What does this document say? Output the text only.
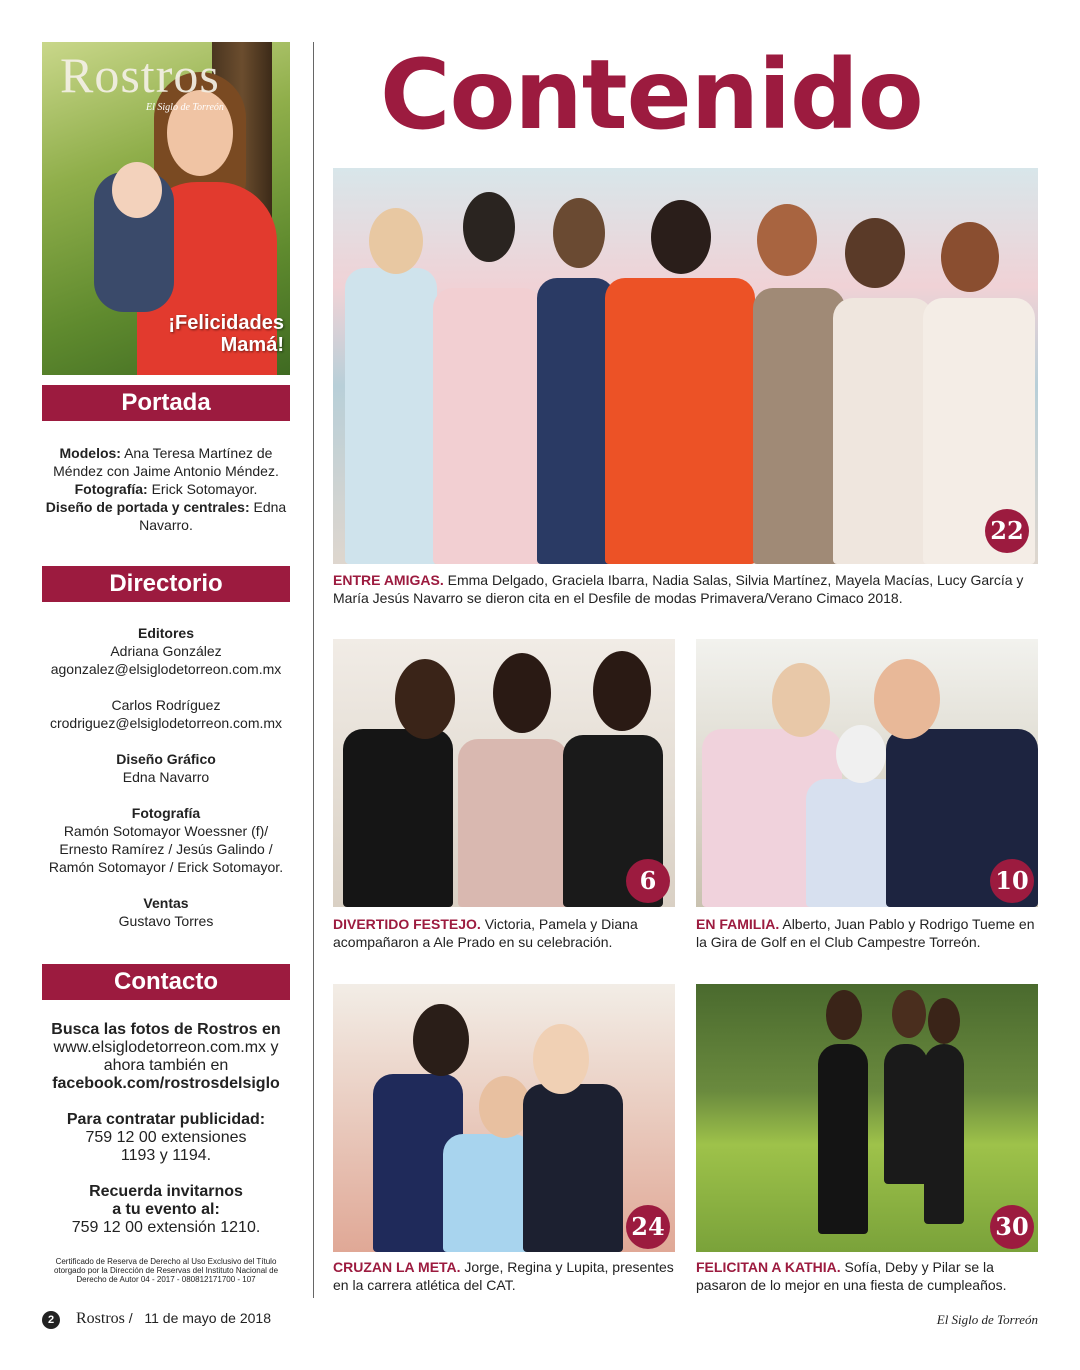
Rostros
El Siglo de Torreón
¡Felicidades
Mamá!
Portada
Modelos: Ana Teresa Martínez de Méndez con Jaime Antonio Méndez.
Fotografía: Erick Sotomayor.
Diseño de portada y centrales: Edna Navarro.
Directorio
Editores
Adriana González
agonzalez@elsiglodetorreon.com.mx
Carlos Rodríguez
crodriguez@elsiglodetorreon.com.mx
Diseño Gráfico
Edna Navarro
Fotografía
Ramón Sotomayor Woessner (f)/
Ernesto Ramírez / Jesús Galindo /
Ramón Sotomayor / Erick Sotomayor.
Ventas
Gustavo Torres
Contacto
Busca las fotos de Rostros en
www.elsiglodetorreon.com.mx y
ahora también en
facebook.com/rostrosdelsiglo
Para contratar publicidad:
759 12 00 extensiones
1193 y 1194.
Recuerda invitarnos
a tu evento al:
759 12 00 extensión 1210.
Certificado de Reserva de Derecho al Uso Exclusivo del Título otorgado por la Dirección de Reservas del Instituto Nacional de Derecho de Autor 04 - 2017 - 080812171700 - 107
Contenido
22
ENTRE AMIGAS. Emma Delgado, Graciela Ibarra, Nadia Salas, Silvia Martínez, Mayela Macías, Lucy García y María Jesús Navarro se dieron cita en el Desfile de modas Primavera/Verano Cimaco 2018.
6
DIVERTIDO FESTEJO. Victoria, Pamela y Diana acompañaron a Ale Prado en su celebración.
10
EN FAMILIA. Alberto, Juan Pablo y Rodrigo Tueme en la Gira de Golf en el Club Campestre Torreón.
24
CRUZAN LA META. Jorge, Regina y Lupita, presentes en la carrera atlética del CAT.
30
FELICITAN A KATHIA. Sofía, Deby y Pilar se la pasaron de lo mejor en una fiesta de cumpleaños.
2	Rostros / 11 de mayo de 2018	El Siglo de Torreón
